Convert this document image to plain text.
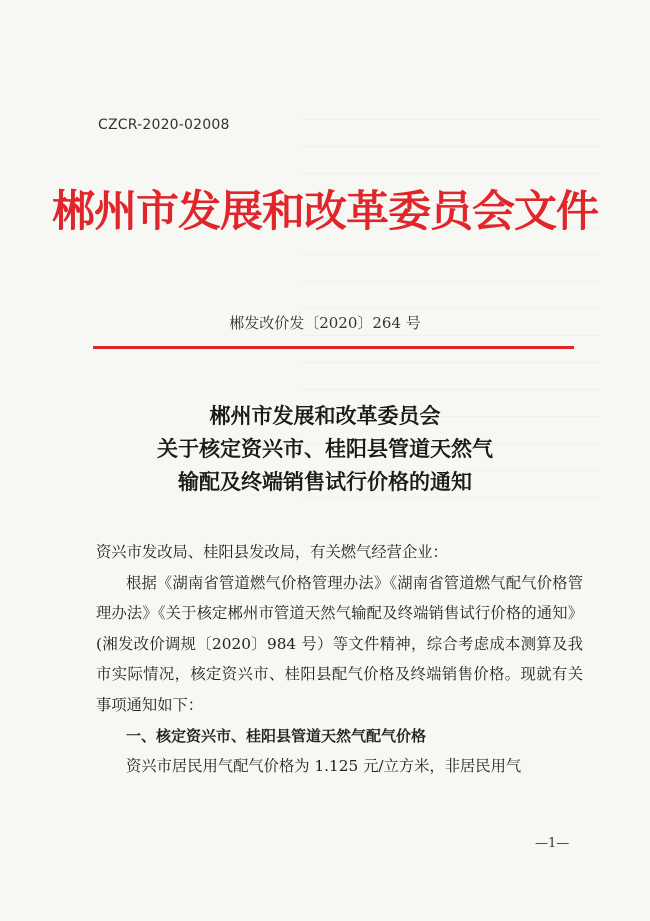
CZCR-2020-02008
郴州市发展和改革委员会文件
郴发改价发〔2020〕264 号
郴州市发展和改革委员会
关于核定资兴市、桂阳县管道天然气
输配及终端销售试行价格的通知

资兴市发改局、桂阳县发改局，有关燃气经营企业：

根据《湖南省管道燃气价格管理办法》《湖南省管道燃气配气价格管理办法》《关于核定郴州市管道天然气输配及终端销售试行价格的通知》(湘发改价调规〔2020〕984 号）等文件精神，综合考虑成本测算及我市实际情况，核定资兴市、桂阳县配气价格及终端销售价格。现就有关事项通知如下：

一、核定资兴市、桂阳县管道天然气配气价格

资兴市居民用气配气价格为 1.125 元/立方米，非居民用气

—1—
